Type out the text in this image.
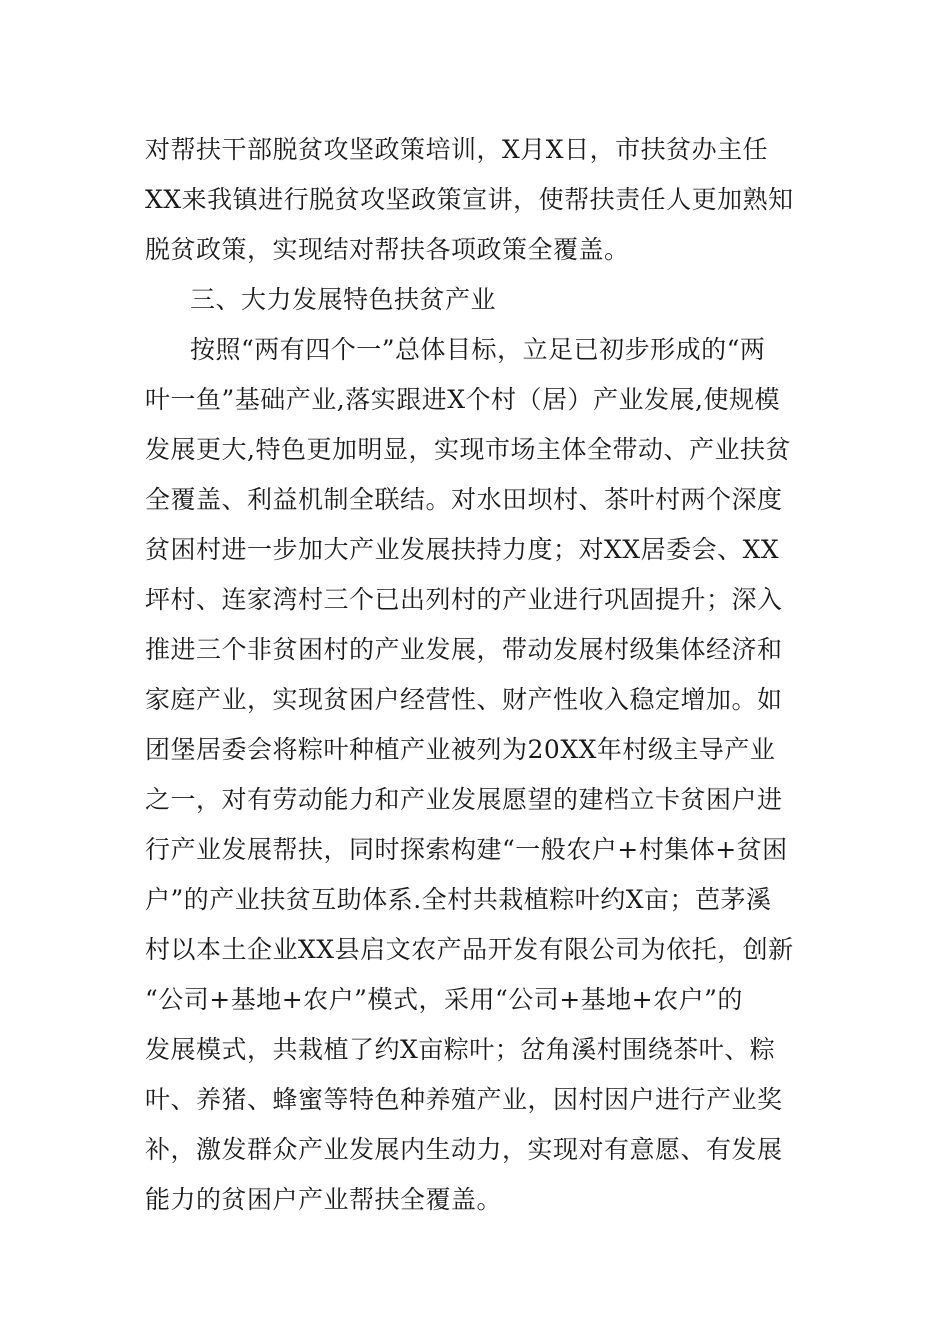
对帮扶干部脱贫攻坚政策培训，X月X日，市扶贫办主任
XX来我镇进行脱贫攻坚政策宣讲，使帮扶责任人更加熟知
脱贫政策，实现结对帮扶各项政策全覆盖。
三、大力发展特色扶贫产业
按照“两有四个一”总体目标，立足已初步形成的“两
叶一鱼”基础产业,落实跟进X个村（居）产业发展,使规模
发展更大,特色更加明显，实现市场主体全带动、产业扶贫
全覆盖、利益机制全联结。对水田坝村、茶叶村两个深度
贫困村进一步加大产业发展扶持力度；对XX居委会、XX
坪村、连家湾村三个已出列村的产业进行巩固提升；深入
推进三个非贫困村的产业发展，带动发展村级集体经济和
家庭产业，实现贫困户经营性、财产性收入稳定增加。如
团堡居委会将粽叶种植产业被列为20XX年村级主导产业
之一，对有劳动能力和产业发展愿望的建档立卡贫困户进
行产业发展帮扶，同时探索构建“一般农户+村集体+贫困
户”的产业扶贫互助体系.全村共栽植粽叶约X亩；芭茅溪
村以本土企业XX县启文农产品开发有限公司为依托，创新
“公司+基地+农户”模式，采用“公司+基地+农户”的
发展模式，共栽植了约X亩粽叶；岔角溪村围绕茶叶、粽
叶、养猪、蜂蜜等特色种养殖产业，因村因户进行产业奖
补，激发群众产业发展内生动力，实现对有意愿、有发展
能力的贫困户产业帮扶全覆盖。
